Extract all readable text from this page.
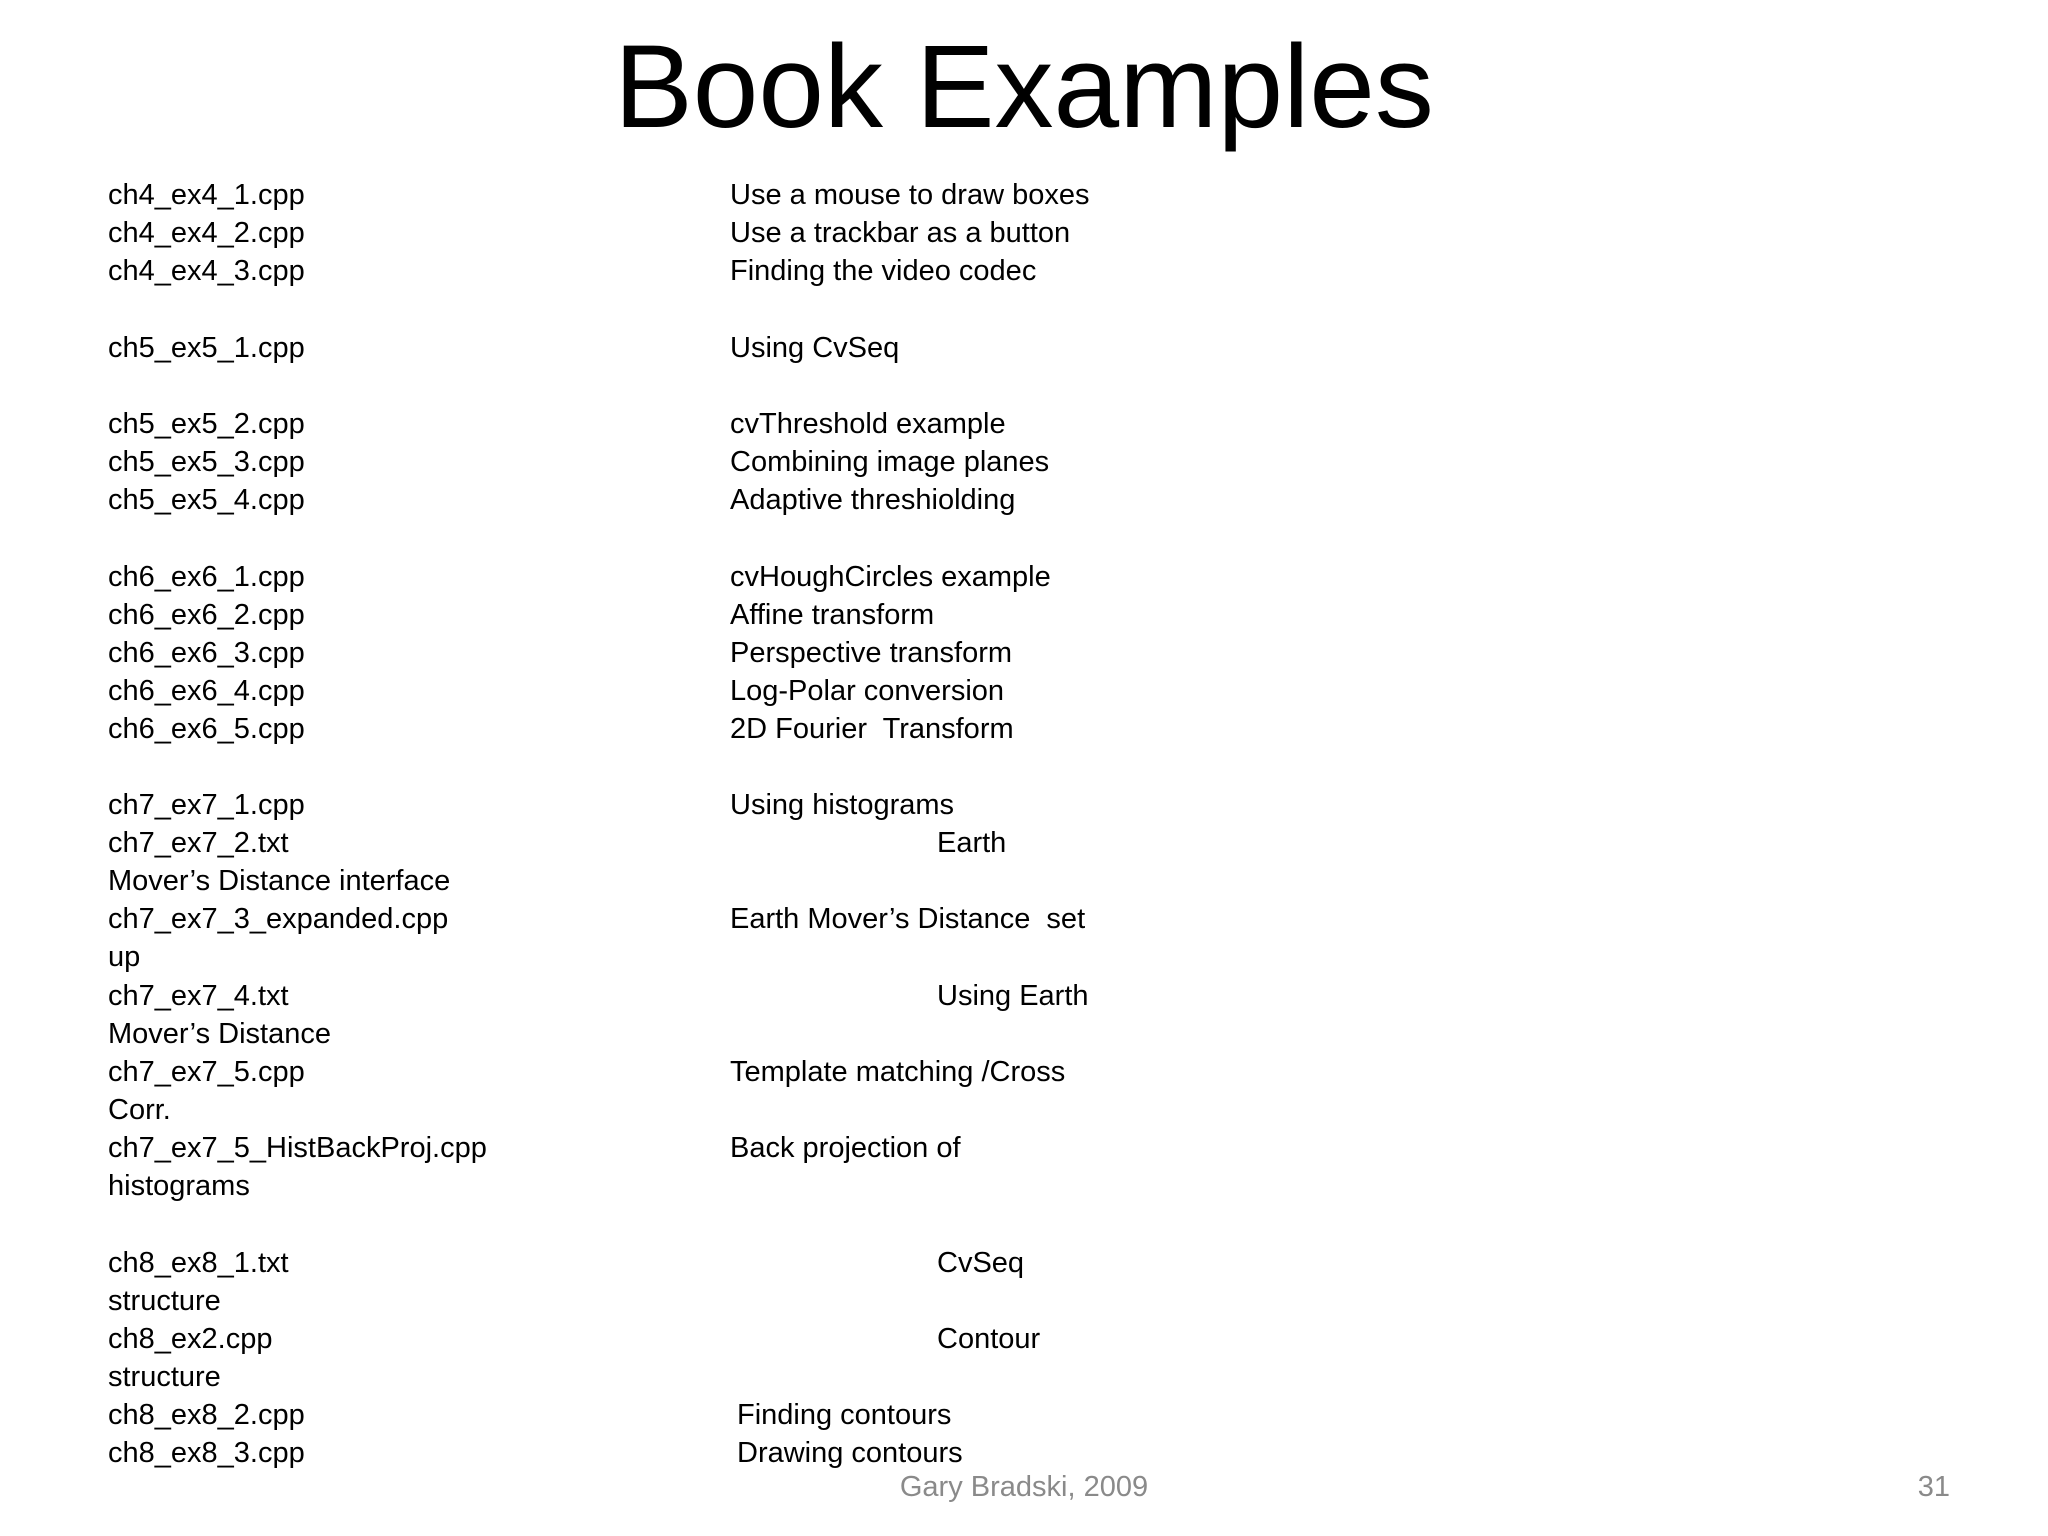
Book Examples
ch4_ex4_1.cpp	Use a mouse to draw boxes
ch4_ex4_2.cpp	Use a trackbar as a button
ch4_ex4_3.cpp	Finding the video codec
ch5_ex5_1.cpp	Using CvSeq
ch5_ex5_2.cpp	cvThreshold example
ch5_ex5_3.cpp	Combining image planes
ch5_ex5_4.cpp	Adaptive threshiolding
ch6_ex6_1.cpp	cvHoughCircles example
ch6_ex6_2.cpp	Affine transform
ch6_ex6_3.cpp	Perspective transform
ch6_ex6_4.cpp	Log-Polar conversion
ch6_ex6_5.cpp	2D Fourier  Transform
ch7_ex7_1.cpp	Using histograms
ch7_ex7_2.txt	Earth
Mover’s Distance interface
ch7_ex7_3_expanded.cpp	Earth Mover’s Distance  set
up
ch7_ex7_4.txt	Using Earth
Mover’s Distance
ch7_ex7_5.cpp	Template matching /Cross
Corr.
ch7_ex7_5_HistBackProj.cpp	Back projection of
histograms
ch8_ex8_1.txt	CvSeq
structure
ch8_ex2.cpp	Contour
structure
ch8_ex8_2.cpp	Finding contours
ch8_ex8_3.cpp	Drawing contours
Gary Bradski, 2009	31
